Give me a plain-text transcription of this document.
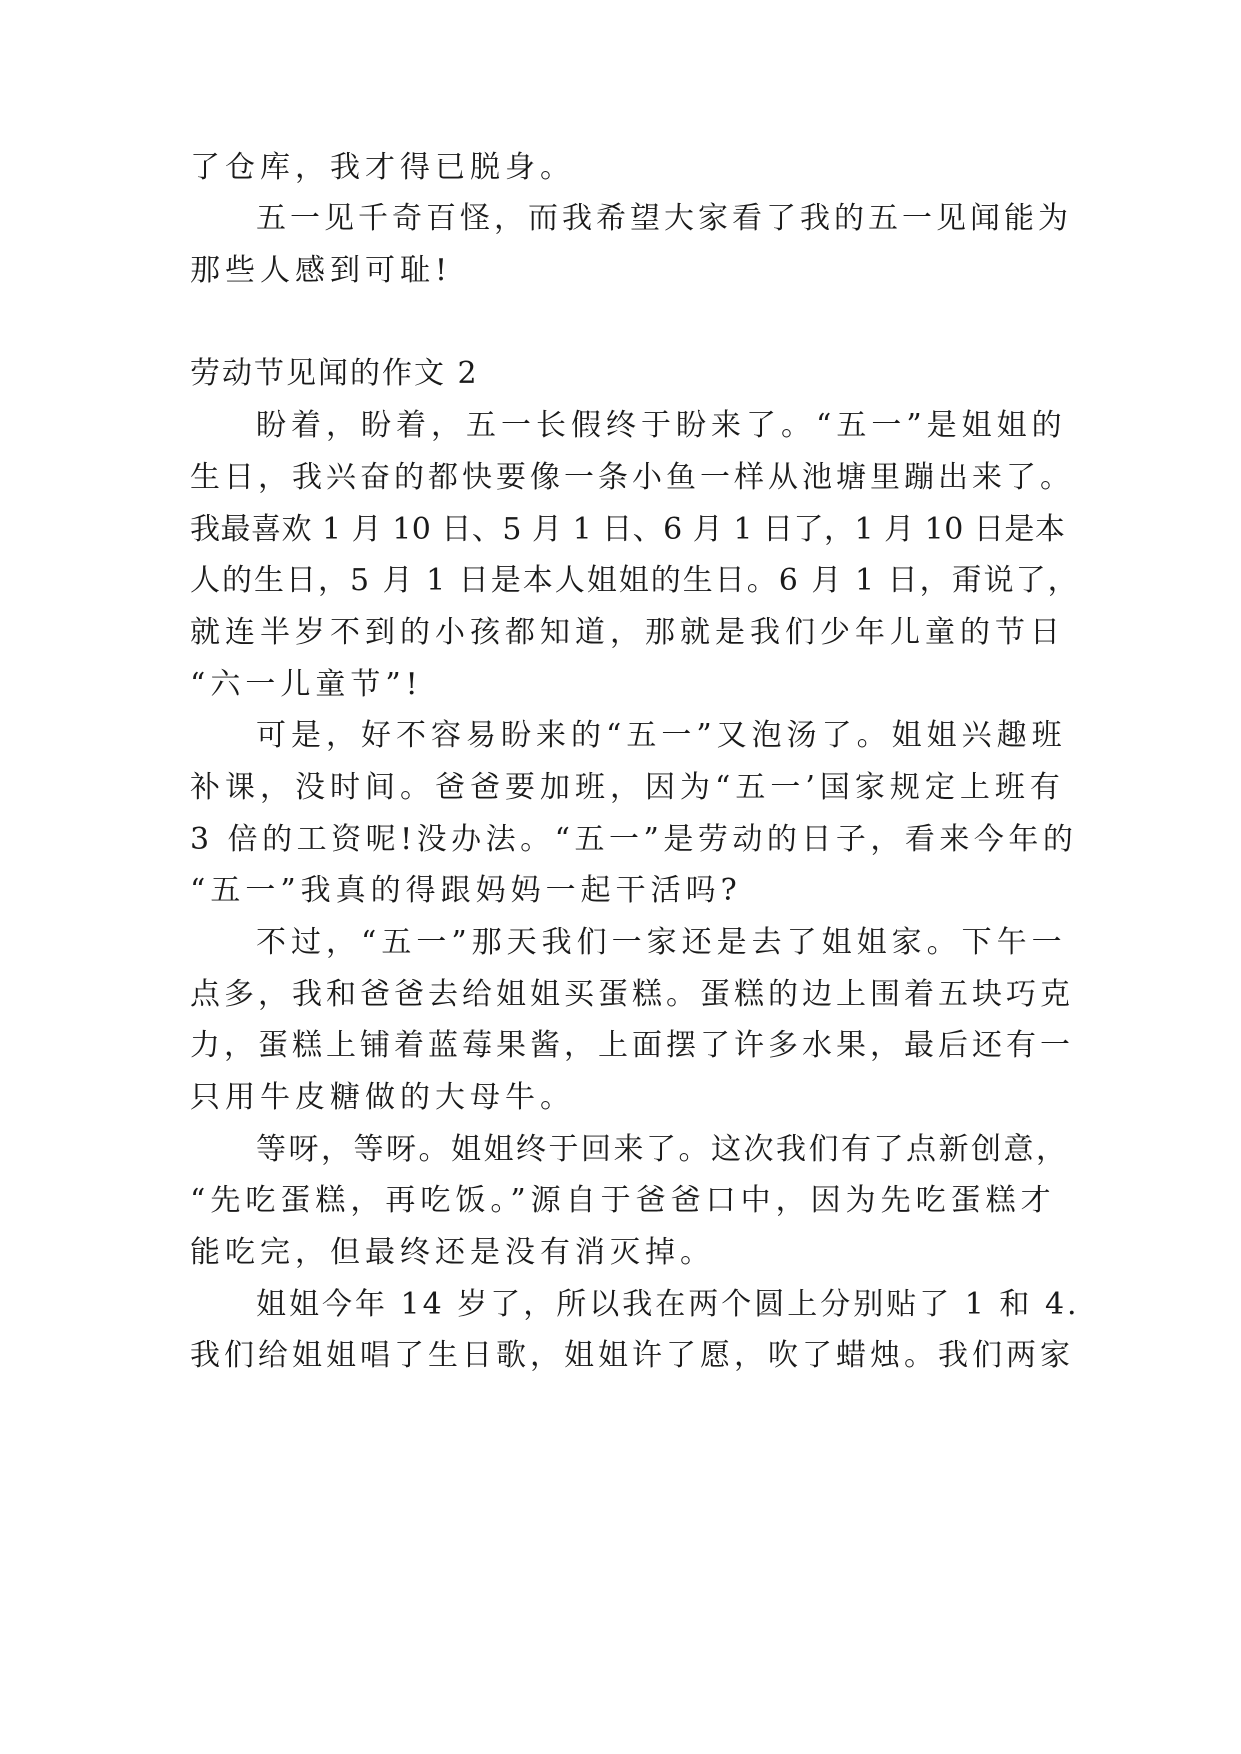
了仓库，我才得已脱身。

五一见千奇百怪，而我希望大家看了我的五一见闻能为

那些人感到可耻!

劳动节见闻的作文 2

盼着，盼着，五一长假终于盼来了。“五一”是姐姐的

生日，我兴奋的都快要像一条小鱼一样从池塘里蹦出来了。

我最喜欢 1 月 10 日、5 月 1 日、6 月 1 日了，1 月 10 日是本

人的生日，5 月 1 日是本人姐姐的生日。6 月 1 日，甭说了，

就连半岁不到的小孩都知道，那就是我们少年儿童的节日

“六一儿童节”!

可是，好不容易盼来的“五一”又泡汤了。姐姐兴趣班

补课，没时间。爸爸要加班，因为“五一’国家规定上班有

3 倍的工资呢!没办法。“五一”是劳动的日子，看来今年的

“五一”我真的得跟妈妈一起干活吗?

不过，“五一”那天我们一家还是去了姐姐家。下午一

点多，我和爸爸去给姐姐买蛋糕。蛋糕的边上围着五块巧克

力，蛋糕上铺着蓝莓果酱，上面摆了许多水果，最后还有一

只用牛皮糖做的大母牛。

等呀，等呀。姐姐终于回来了。这次我们有了点新创意，

“先吃蛋糕，再吃饭。”源自于爸爸口中，因为先吃蛋糕才

能吃完，但最终还是没有消灭掉。

姐姐今年 14 岁了，所以我在两个圆上分别贴了 1 和 4.

我们给姐姐唱了生日歌，姐姐许了愿，吹了蜡烛。我们两家
